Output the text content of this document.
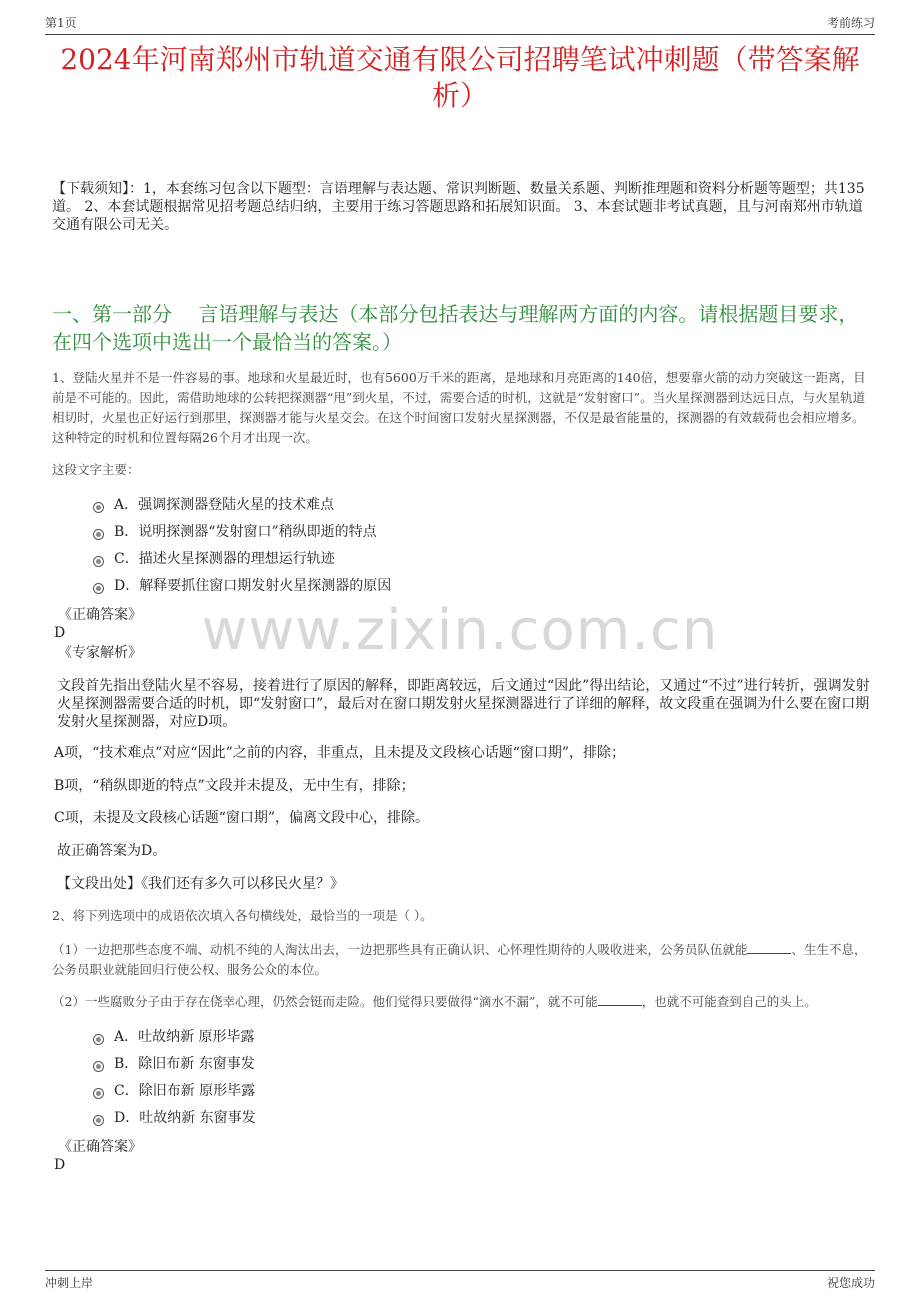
第1页	考前练习
2024年河南郑州市轨道交通有限公司招聘笔试冲刺题（带答案解析）
【下载须知】：1，本套练习包含以下题型：言语理解与表达题、常识判断题、数量关系题、判断推理题和资料分析题等题型；共135道。 2、本套试题根据常见招考题总结归纳，主要用于练习答题思路和拓展知识面。 3、本套试题非考试真题，且与河南郑州市轨道交通有限公司无关。
一、第一部分　 言语理解与表达（本部分包括表达与理解两方面的内容。请根据题目要求，在四个选项中选出一个最恰当的答案。）
1、登陆火星并不是一件容易的事。地球和火星最近时，也有5600万千米的距离，是地球和月亮距离的140倍，想要靠火箭的动力突破这一距离，目前是不可能的。因此，需借助地球的公转把探测器“甩”到火星，不过，需要合适的时机，这就是“发射窗口”。当火星探测器到达远日点，与火星轨道相切时，火星也正好运行到那里，探测器才能与火星交会。在这个时间窗口发射火星探测器，不仅是最省能量的，探测器的有效载荷也会相应增多。这种特定的时机和位置每隔26个月才出现一次。
这段文字主要：
A．强调探测器登陆火星的技术难点
B．说明探测器“发射窗口”稍纵即逝的特点
C．描述火星探测器的理想运行轨迹
D．解释要抓住窗口期发射火星探测器的原因
《正确答案》
D
《专家解析》
文段首先指出登陆火星不容易，接着进行了原因的解释，即距离较远，后文通过“因此”得出结论，又通过“不过”进行转折，强调发射火星探测器需要合适的时机，即“发射窗口”，最后对在窗口期发射火星探测器进行了详细的解释，故文段重在强调为什么要在窗口期发射火星探测器，对应D项。
A项，“技术难点”对应“因此”之前的内容，非重点，且未提及文段核心话题“窗口期”，排除；
B项，“稍纵即逝的特点”文段并未提及，无中生有，排除；
C项，未提及文段核心话题“窗口期”，偏离文段中心，排除。
故正确答案为D。
【文段出处】《我们还有多久可以移民火星？》
2、将下列选项中的成语依次填入各句横线处，最恰当的一项是（ ）。
（1）一边把那些态度不端、动机不纯的人淘汰出去，一边把那些具有正确认识、心怀理性期待的人吸收进来，公务员队伍就能	、生生不息，公务员职业就能回归行使公权、服务公众的本位。
（2）一些腐败分子由于存在侥幸心理，仍然会铤而走险。他们觉得只要做得“滴水不漏”，就不可能	，也就不可能查到自己的头上。
A．吐故纳新 原形毕露
B．除旧布新 东窗事发
C．除旧布新 原形毕露
D．吐故纳新 东窗事发
《正确答案》
D
www.zixin.com.cn
冲刺上岸	祝您成功
